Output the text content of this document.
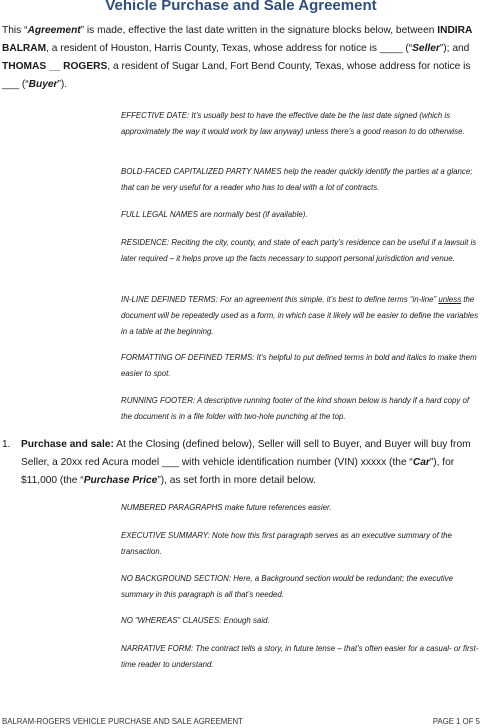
Vehicle Purchase and Sale Agreement
This “Agreement” is made, effective the last date written in the signature blocks below, between INDIRA BALRAM, a resident of Houston, Harris County, Texas, whose address for notice is ____ (“Seller”); and THOMAS __ ROGERS, a resident of Sugar Land, Fort Bend County, Texas, whose address for notice is ___ (“Buyer”).
EFFECTIVE DATE: It’s usually best to have the effective date be the last date signed (which is approximately the way it would work by law anyway) unless there’s a good reason to do otherwise.
BOLD-FACED CAPITALIZED PARTY NAMES help the reader quickly identify the parties at a glance; that can be very useful for a reader who has to deal with a lot of contracts.
FULL LEGAL NAMES are normally best (if available).
RESIDENCE: Reciting the city, county, and state of each party’s residence can be useful if a lawsuit is later required – it helps prove up the facts necessary to support personal jurisdiction and venue.
IN-LINE DEFINED TERMS: For an agreement this simple, it’s best to define terms “in-line” unless the document will be repeatedly used as a form, in which case it likely will be easier to define the variables in a table at the beginning.
FORMATTING OF DEFINED TERMS: It’s helpful to put defined terms in bold and italics to make them easier to spot.
RUNNING FOOTER: A descriptive running footer of the kind shown below is handy if a hard copy of the document is in a file folder with two-hole punching at the top.
1. Purchase and sale: At the Closing (defined below), Seller will sell to Buyer, and Buyer will buy from Seller, a 20xx red Acura model ___ with vehicle identification number (VIN) xxxxx (the “Car”), for $11,000 (the “Purchase Price”), as set forth in more detail below.
NUMBERED PARAGRAPHS make future references easier.
EXECUTIVE SUMMARY: Note how this first paragraph serves as an executive summary of the transaction.
NO BACKGROUND SECTION: Here, a Background section would be redundant; the executive summary in this paragraph is all that’s needed.
NO “WHEREAS” CLAUSES: Enough said.
NARRATIVE FORM: The contract tells a story, in future tense – that’s often easier for a casual- or first-time reader to understand.
BALRAM-ROGERS VEHICLE PURCHASE AND SALE AGREEMENT	PAGE 1 OF 5
